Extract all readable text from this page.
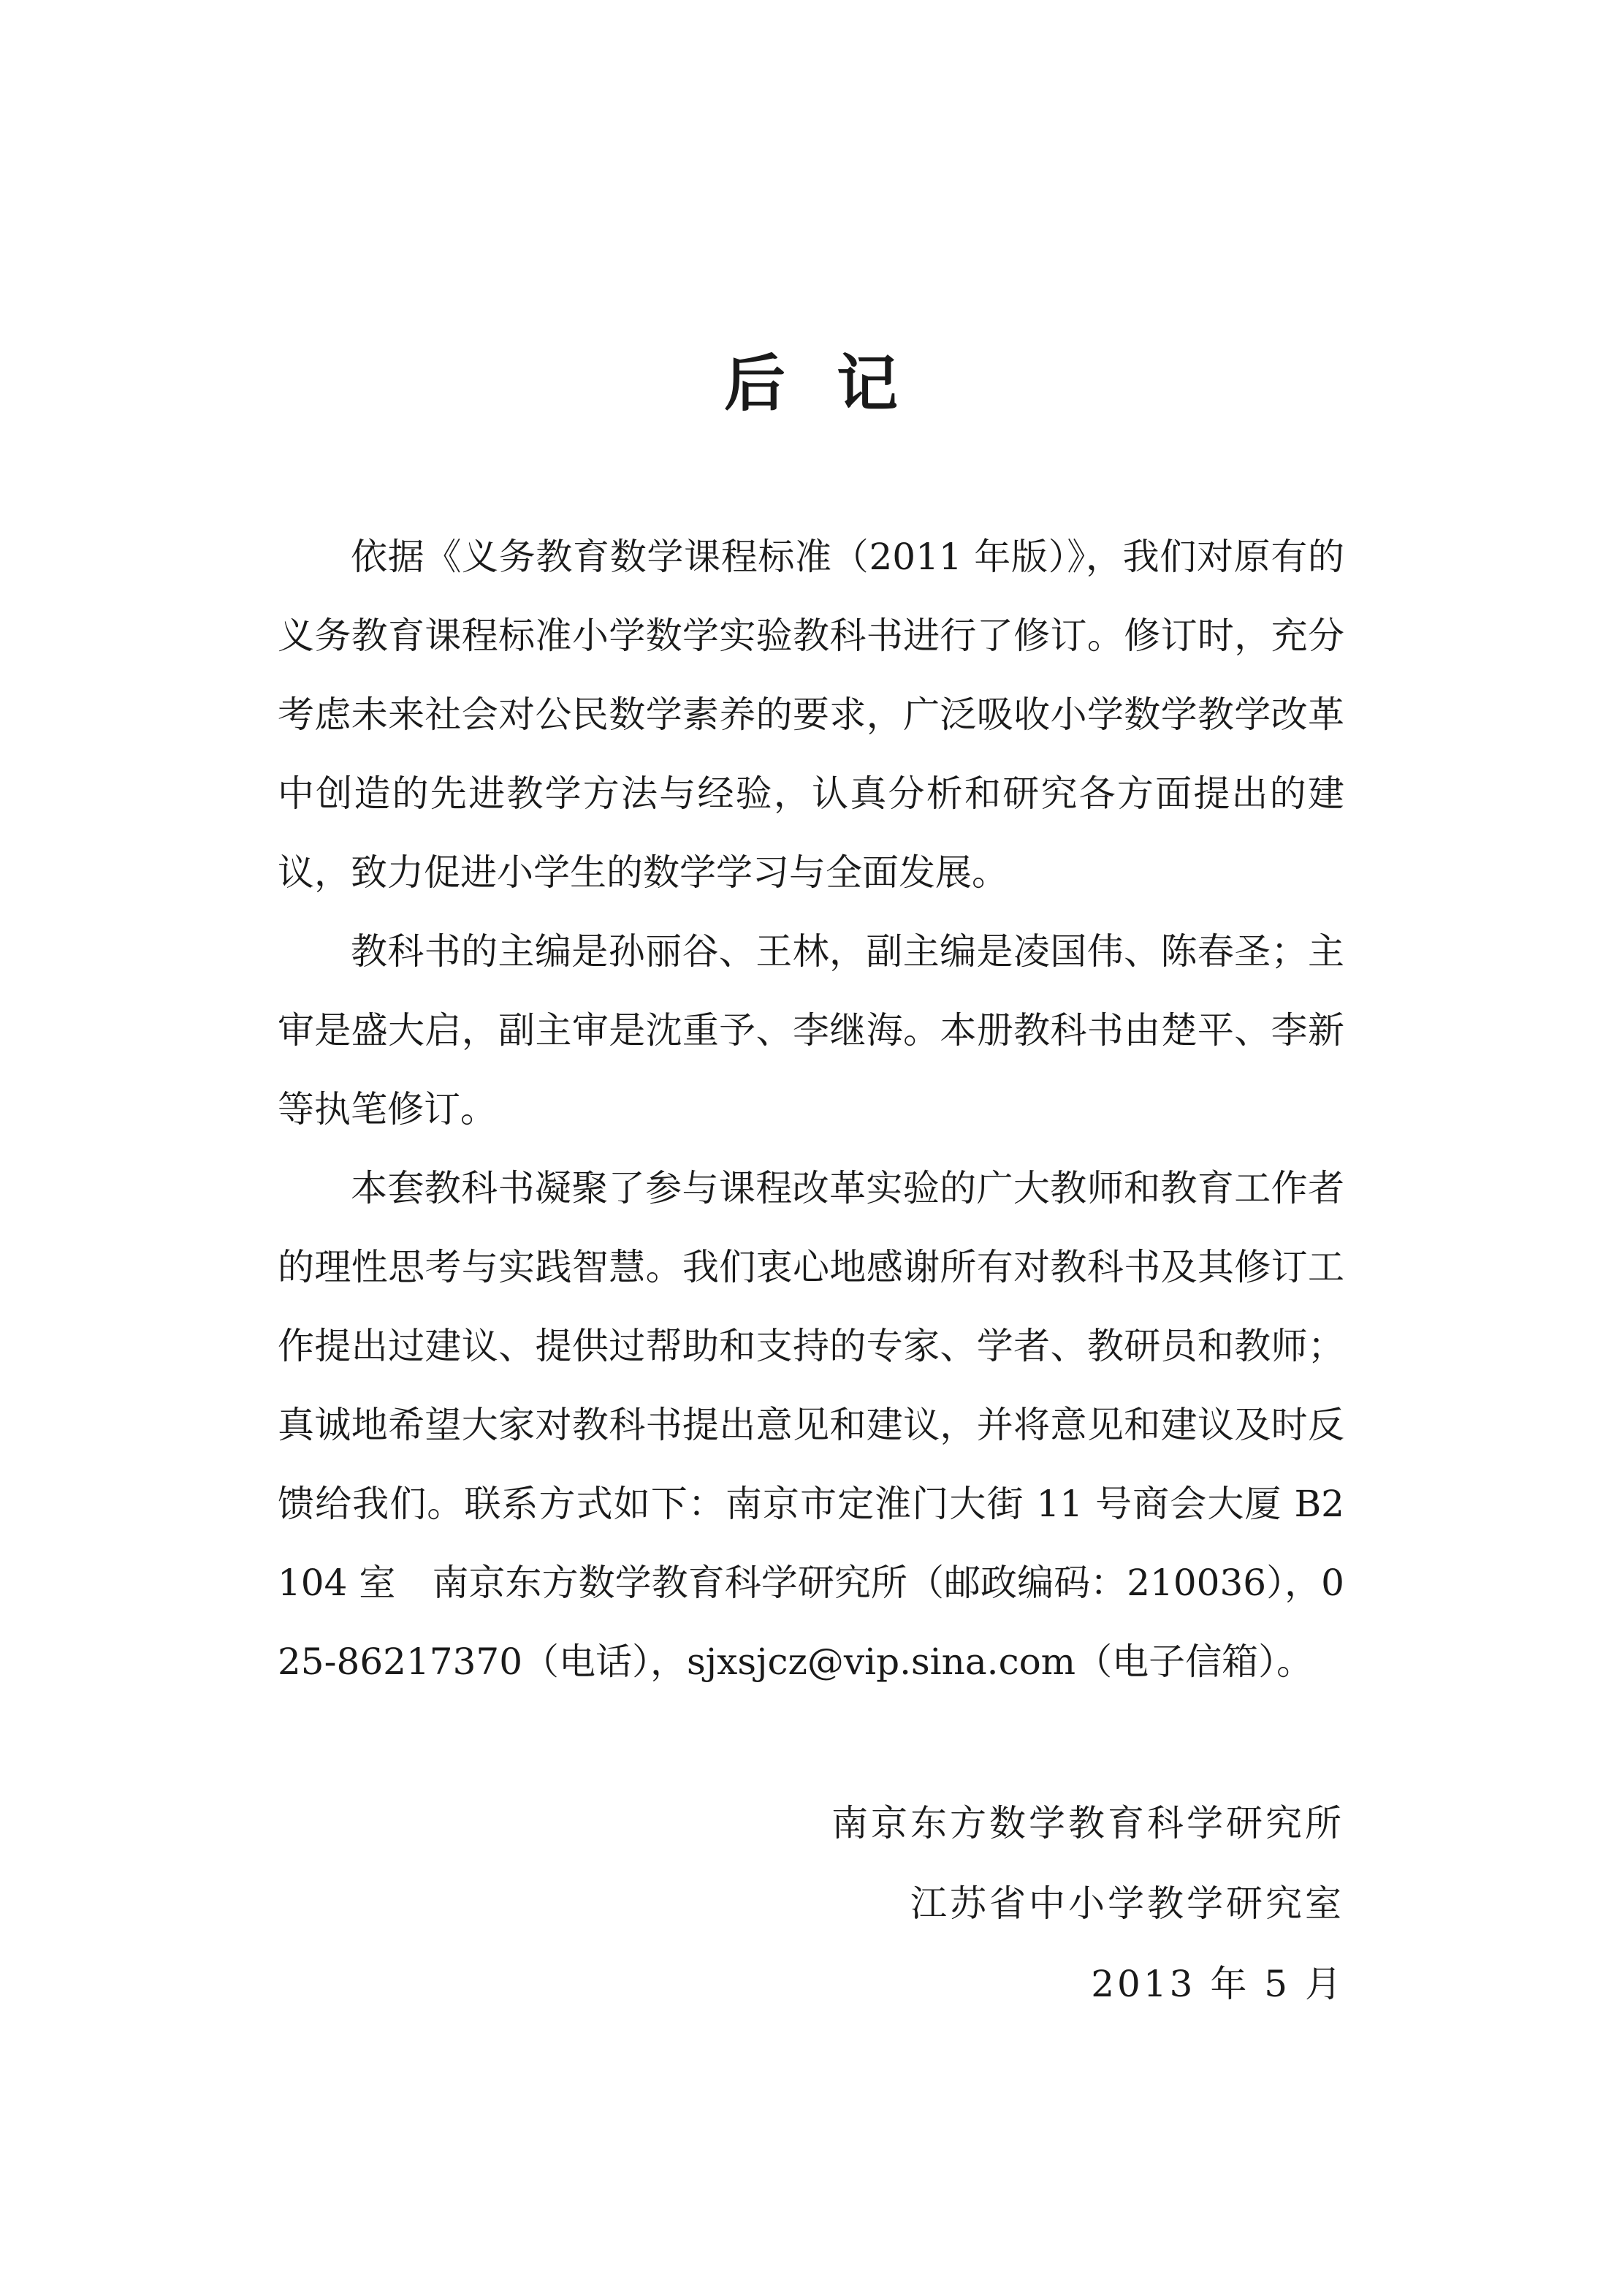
后记

依据《义务教育数学课程标准（2011 年版）》，我们对原有的义务教育课程标准小学数学实验教科书进行了修订。修订时，充分考虑未来社会对公民数学素养的要求，广泛吸收小学数学教学改革中创造的先进教学方法与经验，认真分析和研究各方面提出的建议，致力促进小学生的数学学习与全面发展。

教科书的主编是孙丽谷、王林，副主编是凌国伟、陈春圣；主审是盛大启，副主审是沈重予、李继海。本册教科书由楚平、李新等执笔修订。

本套教科书凝聚了参与课程改革实验的广大教师和教育工作者的理性思考与实践智慧。我们衷心地感谢所有对教科书及其修订工作提出过建议、提供过帮助和支持的专家、学者、教研员和教师；真诚地希望大家对教科书提出意见和建议，并将意见和建议及时反馈给我们。联系方式如下：南京市定淮门大街 11 号商会大厦 B2104 室　南京东方数学教育科学研究所（邮政编码：210036），025-86217370（电话），sjxsjcz@vip.sina.com（电子信箱）。

南京东方数学教育科学研究所
江苏省中小学教学研究室
2013 年 5 月
